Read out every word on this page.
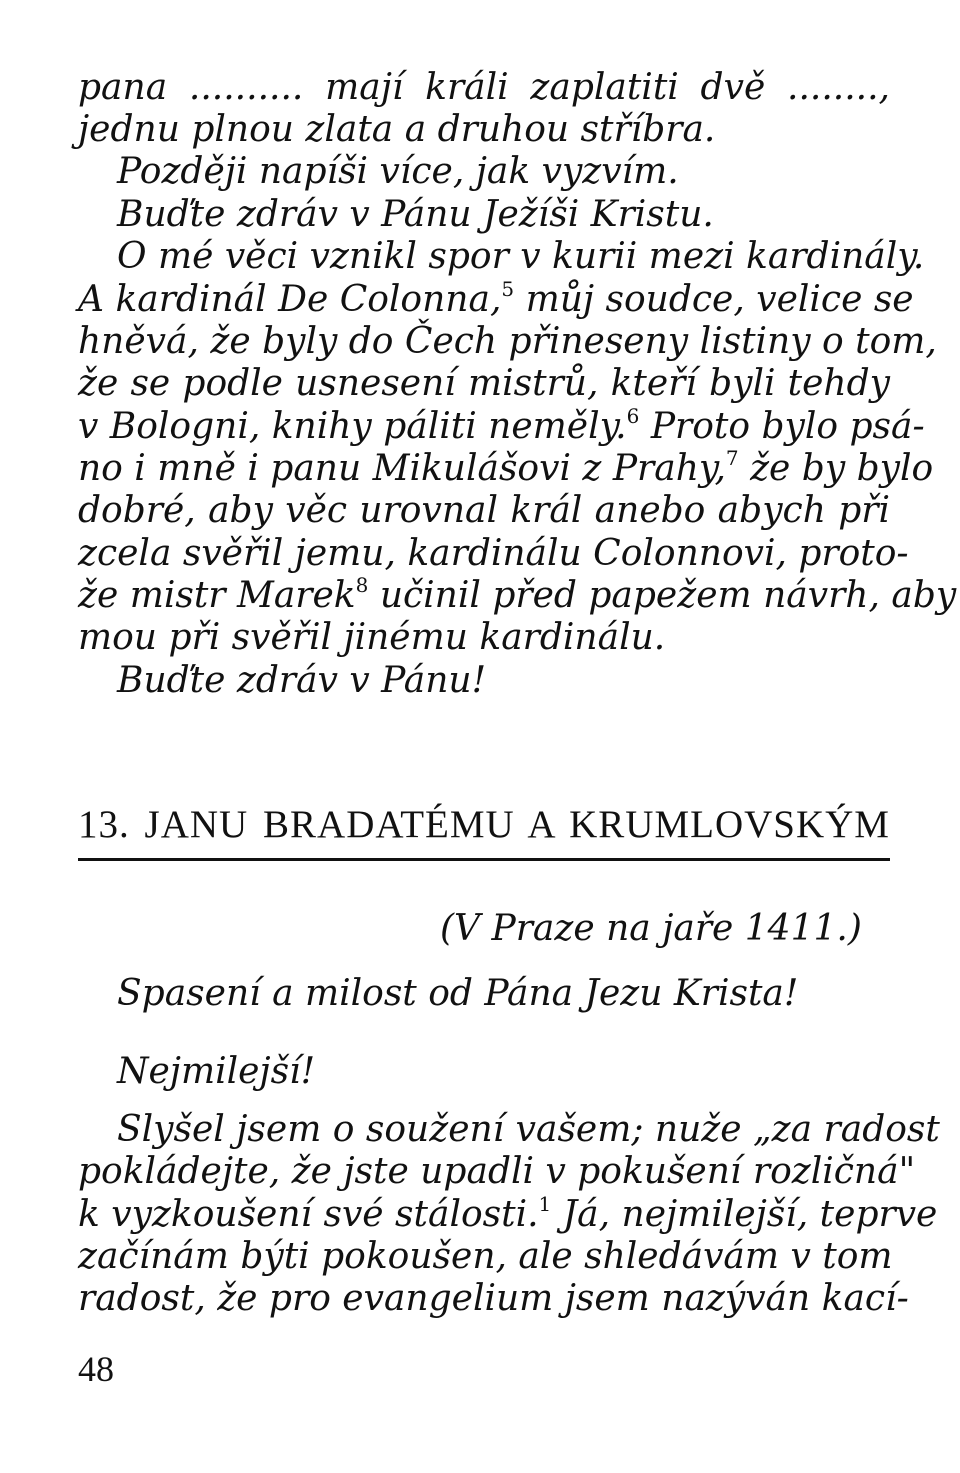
pana .......... mají králi zaplatiti dvě ........,
jednu plnou zlata a druhou stříbra.
Později napíši více, jak vyzvím.
Buďte zdráv v Pánu Ježíši Kristu.
O mé věci vznikl spor v kurii mezi kardinály.
A kardinál De Colonna,$^5$ můj soudce, velice se
hněvá, že byly do Čech přineseny listiny o tom,
že se podle usnesení mistrů, kteří byli tehdy
v Bologni, knihy páliti neměly.$^6$ Proto bylo psá-
no i mně i panu Mikulášovi z Prahy,$^7$ že by bylo
dobré, aby věc urovnal král anebo abych při
zcela svěřil jemu, kardinálu Colonnovi, proto-
že mistr Marek$^8$ učinil před papežem návrh, aby
mou při svěřil jinému kardinálu.
Buďte zdráv v Pánu!
13. JANU BRADATÉMU A KRUMLOVSKÝM
(V Praze na jaře 1411.)
Spasení a milost od Pána Jezu Krista!
Nejmilejší!
Slyšel jsem o soužení vašem; nuže „za radost
pokládejte, že jste upadli v pokušení rozličná"
k vyzkoušení své stálosti.$^1$ Já, nejmilejší, teprve
začínám býti pokoušen, ale shledávám v tom
radost, že pro evangelium jsem nazýván kací-
48
